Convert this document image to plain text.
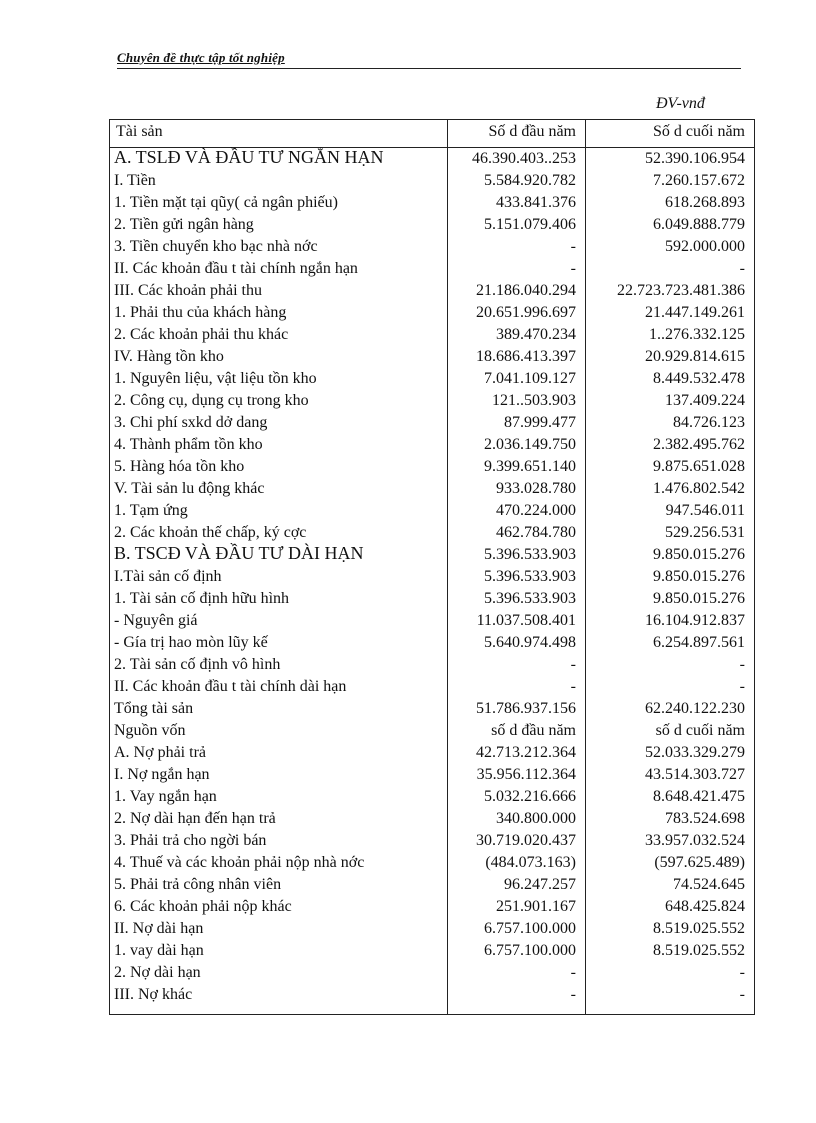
Chuyên đề thực tập tốt nghiệp
ĐV-vnđ
Tài sản	Số d đầu năm	Số d cuối năm
A. TSLĐ VÀ ĐẦU TƯ NGẮN HẠN	46.390.403..253	52.390.106.954
I. Tiền	5.584.920.782	7.260.157.672
1. Tiền mặt tại qũy( cả ngân phiếu)	433.841.376	618.268.893
2. Tiền gửi ngân hàng	5.151.079.406	6.049.888.779
3. Tiền chuyển kho bạc nhà nớc	-	592.000.000
II. Các khoản đầu t tài chính ngắn hạn	-	-
III. Các khoản phải thu	21.186.040.294	22.723.723.481.386
1. Phải thu của khách hàng	20.651.996.697	21.447.149.261
2. Các khoản phải thu khác	389.470.234	1..276.332.125
IV. Hàng tồn kho	18.686.413.397	20.929.814.615
1. Nguyên liệu, vật liệu tồn kho	7.041.109.127	8.449.532.478
2. Công cụ, dụng cụ trong kho	121..503.903	137.409.224
3. Chi phí sxkd dở dang	87.999.477	84.726.123
4. Thành phẩm tồn kho	2.036.149.750	2.382.495.762
5. Hàng hóa tồn kho	9.399.651.140	9.875.651.028
V. Tài sản lu động khác	933.028.780	1.476.802.542
1. Tạm ứng	470.224.000	947.546.011
2. Các khoản thế chấp, ký cợc	462.784.780	529.256.531
B. TSCĐ VÀ ĐẦU TƯ DÀI HẠN	5.396.533.903	9.850.015.276
I.Tài sản cố định	5.396.533.903	9.850.015.276
1. Tài sản cố định hữu hình	5.396.533.903	9.850.015.276
- Nguyên giá	11.037.508.401	16.104.912.837
- Gía trị hao mòn lũy kế	5.640.974.498	6.254.897.561
2. Tài sản cố định vô hình	-	-
II. Các khoản đầu t tài chính dài hạn	-	-
Tổng tài sản	51.786.937.156	62.240.122.230
Nguồn vốn	số d đầu năm	số d cuối năm
A. Nợ phải trả	42.713.212.364	52.033.329.279
I. Nợ ngắn hạn	35.956.112.364	43.514.303.727
1. Vay ngắn hạn	5.032.216.666	8.648.421.475
2. Nợ dài hạn đến hạn trả	340.800.000	783.524.698
3. Phải trả cho ngời bán	30.719.020.437	33.957.032.524
4. Thuế và các khoản phải nộp nhà nớc	(484.073.163)	(597.625.489)
5. Phải trả công nhân viên	96.247.257	74.524.645
6. Các khoản phải nộp khác	251.901.167	648.425.824
II. Nợ dài hạn	6.757.100.000	8.519.025.552
1. vay dài hạn	6.757.100.000	8.519.025.552
2. Nợ dài hạn	-	-
III. Nợ khác	-	-
